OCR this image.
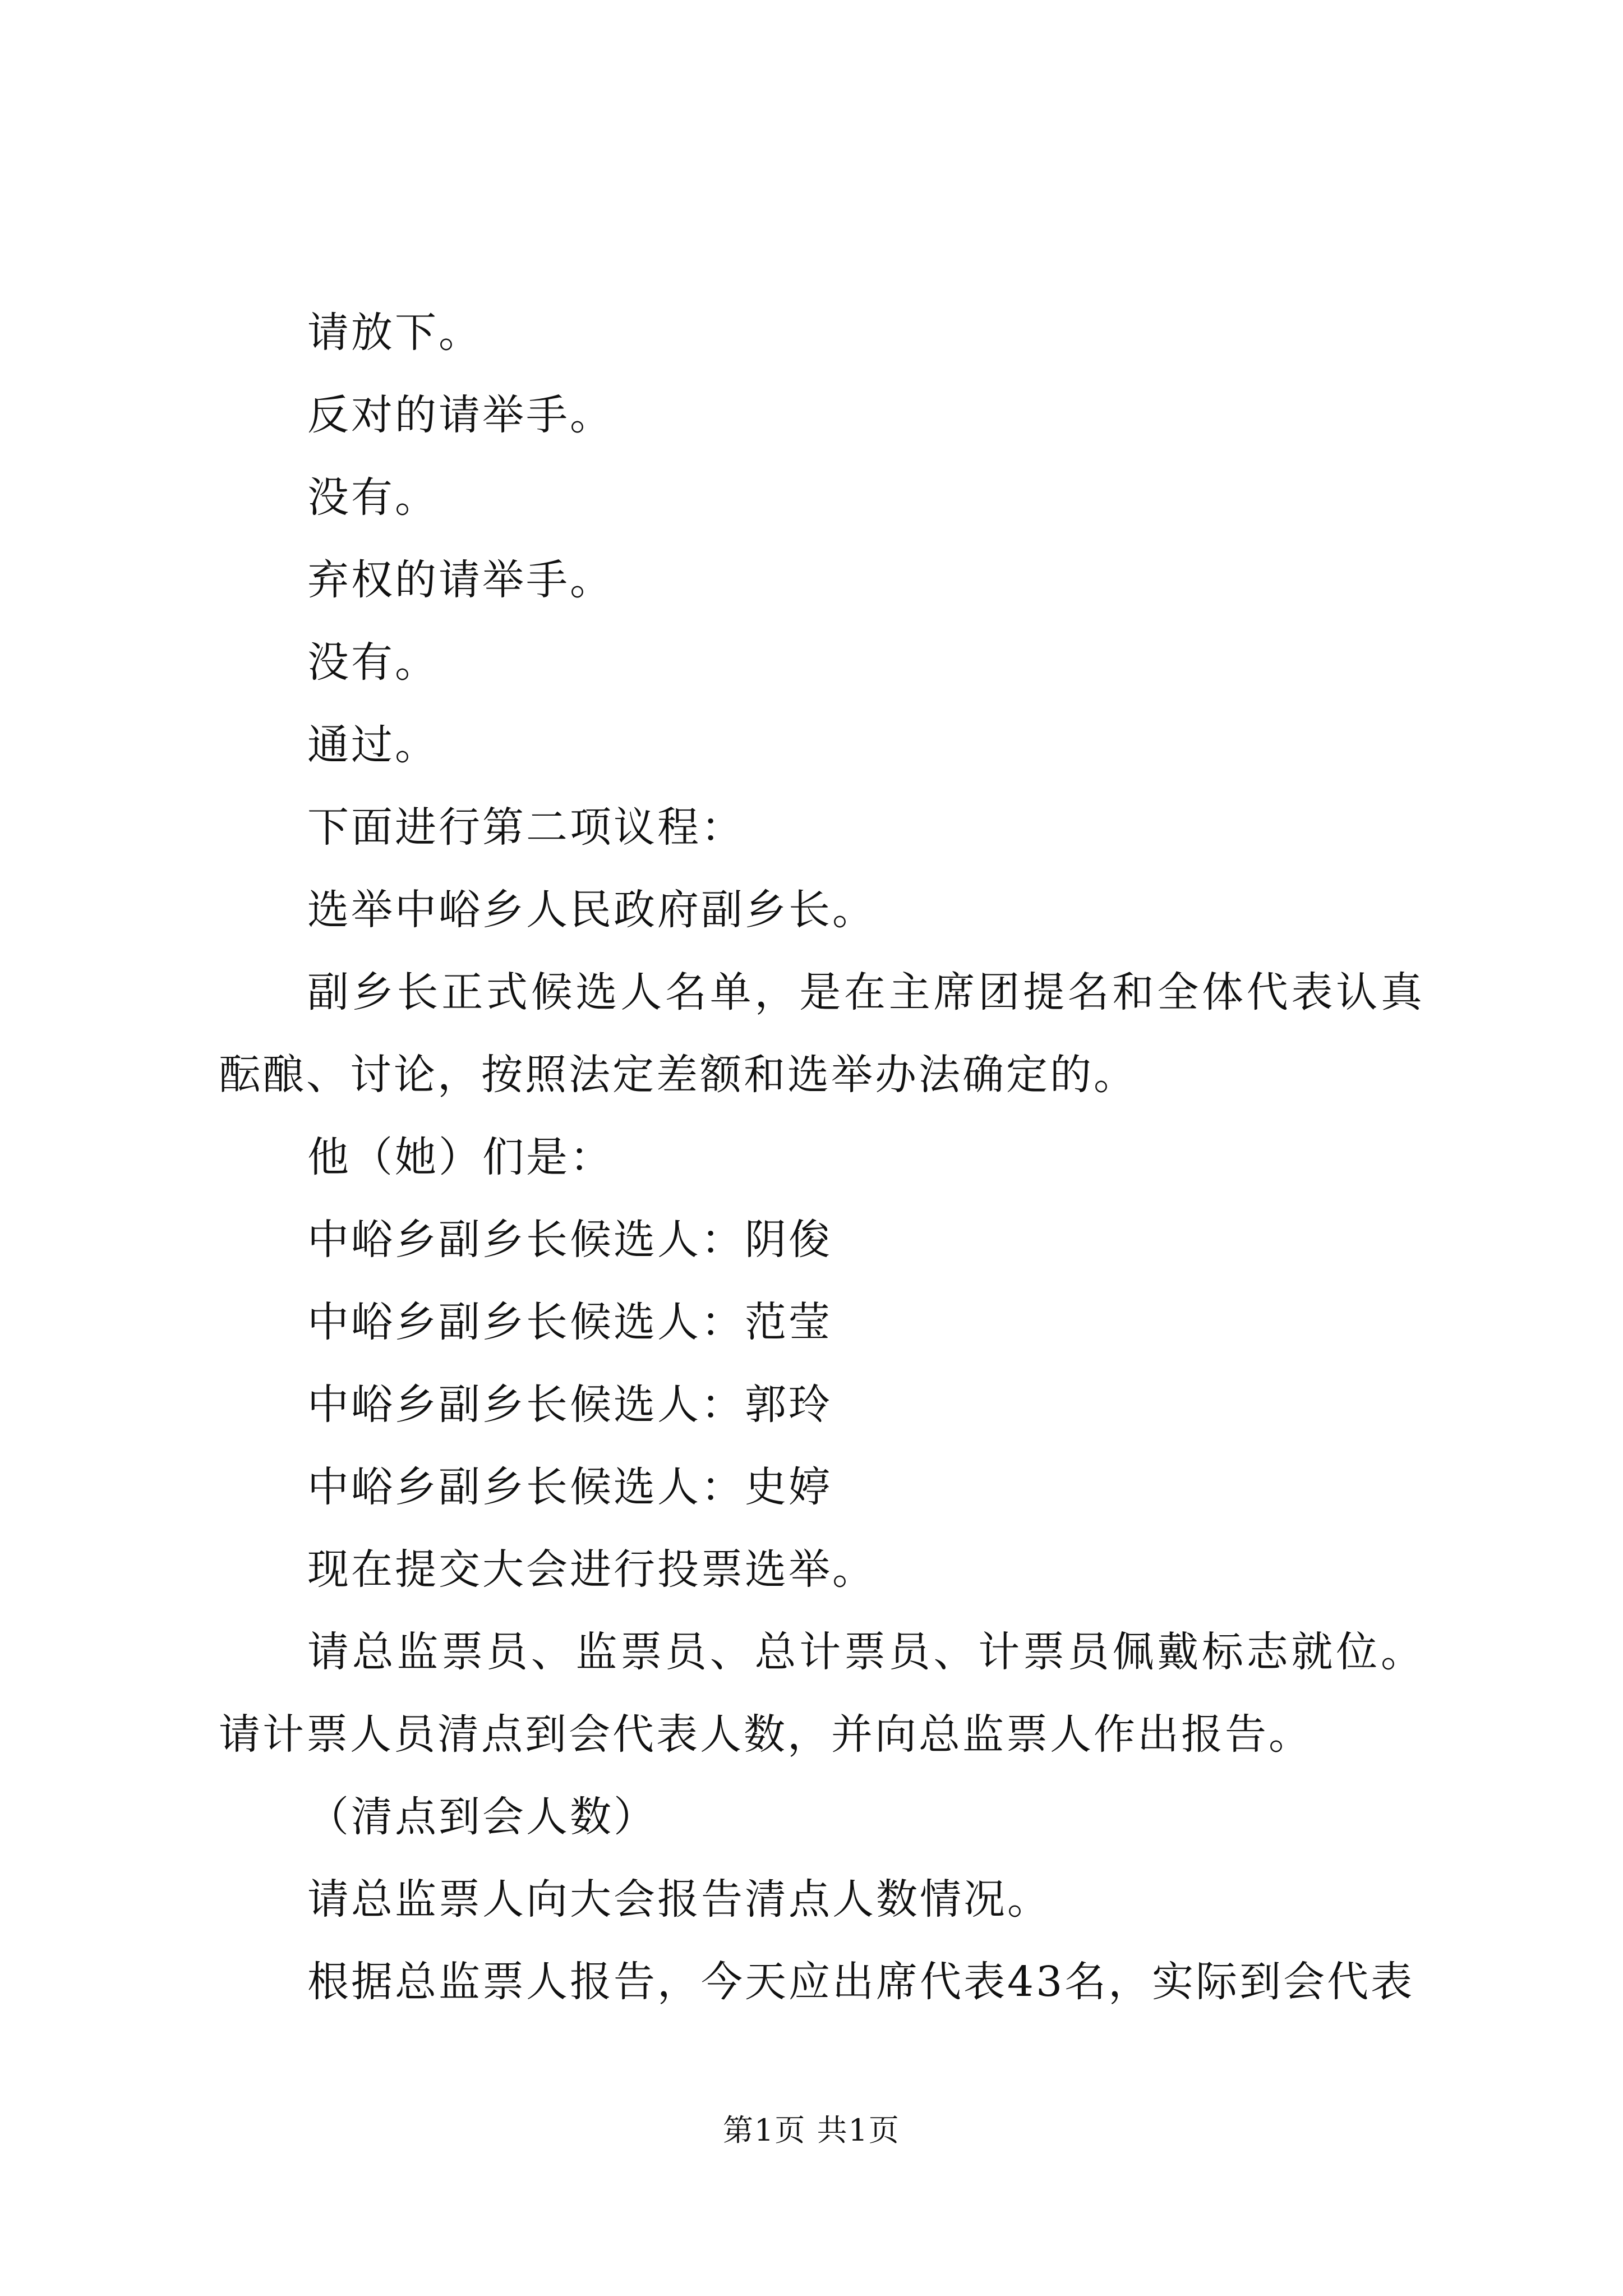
请放下。

反对的请举手。

没有。

弃权的请举手。

没有。

通过。

下面进行第二项议程：

选举中峪乡人民政府副乡长。

副乡长正式候选人名单，是在主席团提名和全体代表认真酝酿、讨论，按照法定差额和选举办法确定的。

他（她）们是：

中峪乡副乡长候选人：阴俊

中峪乡副乡长候选人：范莹

中峪乡副乡长候选人：郭玲

中峪乡副乡长候选人：史婷

现在提交大会进行投票选举。

请总监票员、监票员、总计票员、计票员佩戴标志就位。请计票人员清点到会代表人数，并向总监票人作出报告。

（清点到会人数）

请总监票人向大会报告清点人数情况。

根据总监票人报告，今天应出席代表43名，实际到会代表

第1页 共1页
